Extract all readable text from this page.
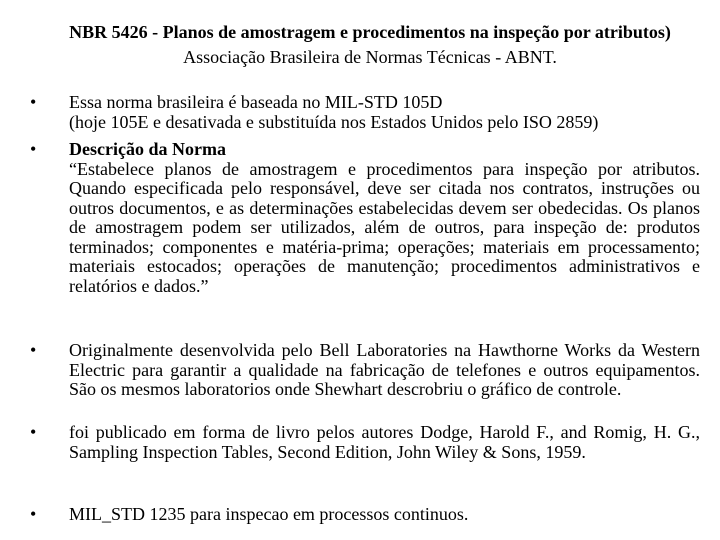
NBR 5426 - Planos de amostragem e procedimentos na inspeção por atributos) Associação Brasileira de Normas Técnicas - ABNT.
•	Essa norma brasileira é baseada no MIL-STD 105D
(hoje 105E e desativada e substituída nos Estados Unidos pelo ISO 2859)
•	Descrição da Norma
“Estabelece planos de amostragem e procedimentos para inspeção por atributos. Quando especificada pelo responsável, deve ser citada nos contratos, instruções ou outros documentos, e as determinações estabelecidas devem ser obedecidas. Os planos de amostragem podem ser utilizados, além de outros, para inspeção de: produtos terminados; componentes e matéria-prima; operações; materiais em processamento; materiais estocados; operações de manutenção; procedimentos administrativos e relatórios e dados.”
•	Originalmente desenvolvida pelo Bell Laboratories na Hawthorne Works da Western Electric para garantir a qualidade na fabricação de telefones e outros equipamentos. São os mesmos laboratorios onde Shewhart descrobriu o gráfico de controle.
•	foi publicado em forma de livro pelos autores Dodge, Harold F., and Romig, H. G., Sampling Inspection Tables, Second Edition, John Wiley & Sons, 1959.
•	MIL_STD 1235 para inspecao em processos continuos.
